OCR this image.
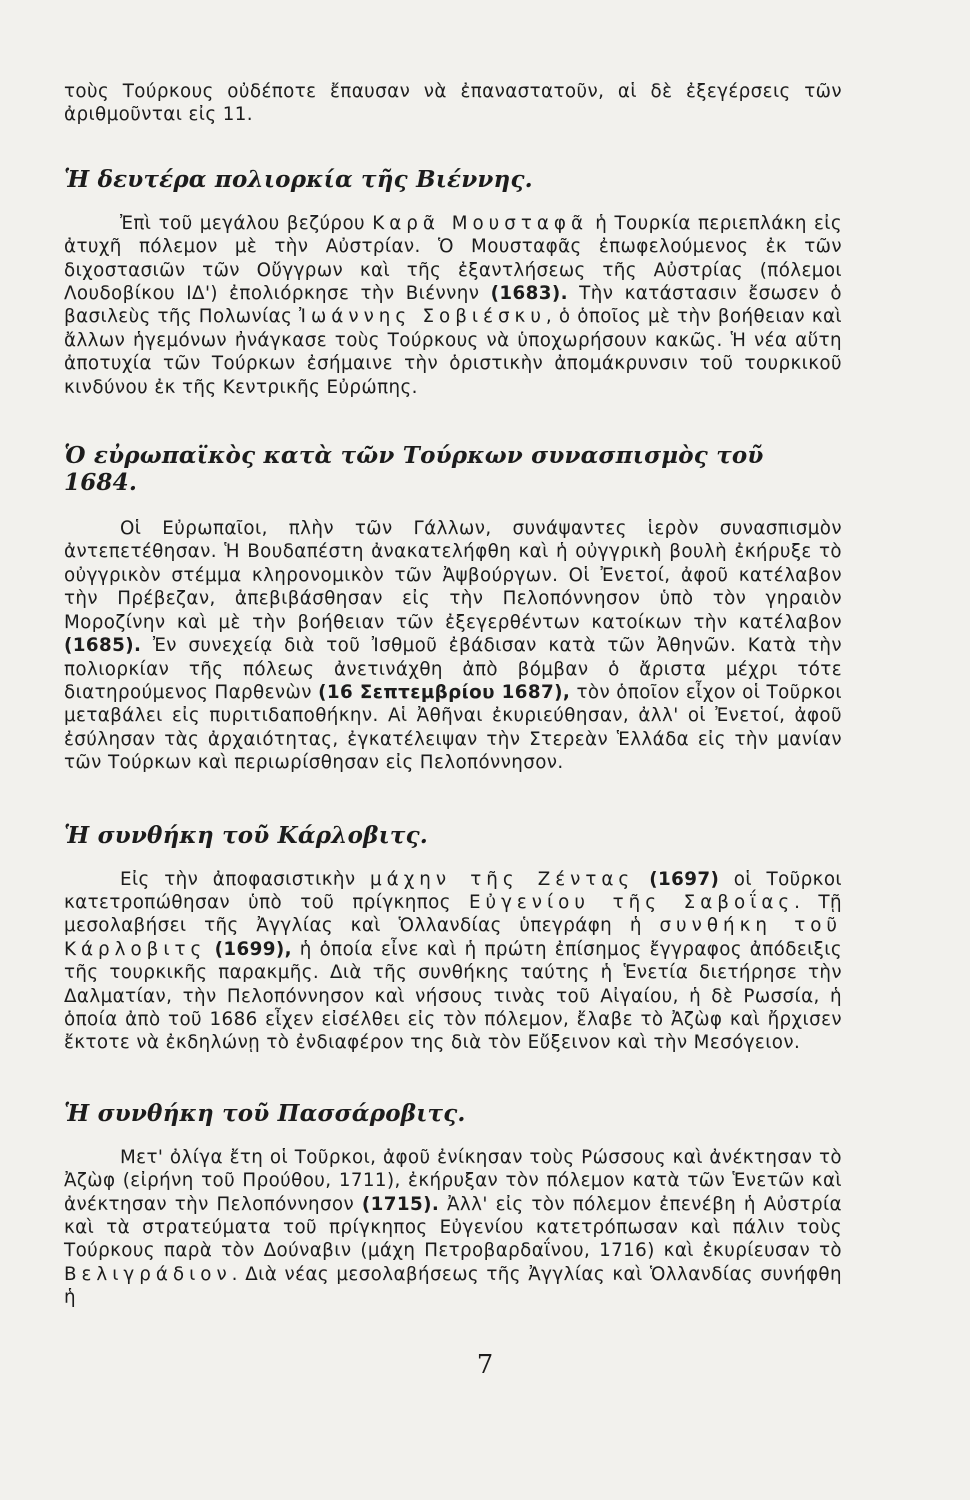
τοὺς Τούρκους οὐδέποτε ἔπαυσαν νὰ ἐπαναστατοῦν, αἱ δὲ ἐξεγέρσεις τῶν ἀριθμοῦνται εἰς 11.

Ἡ δευτέρα πολιορκία τῆς Βιέννης.

Ἐπὶ τοῦ μεγάλου βεζύρου Καρᾶ Μουσταφᾶ ἡ Τουρκία περιεπλάκη εἰς ἀτυχῆ πόλεμον μὲ τὴν Αὐστρίαν. Ὁ Μουσταφᾶς ἐπωφελούμενος ἐκ τῶν διχοστασιῶν τῶν Οὔγγρων καὶ τῆς ἐξαντλήσεως τῆς Αὐστρίας (πόλεμοι Λουδοβίκου ΙΔ') ἐπολιόρκησε τὴν Βιέννην (1683). Τὴν κατάστασιν ἔσωσεν ὁ βασιλεὺς τῆς Πολωνίας Ἰωάννης Σοβιέσκυ, ὁ ὁποῖος μὲ τὴν βοήθειαν καὶ ἄλλων ἡγεμόνων ἠνάγκασε τοὺς Τούρκους νὰ ὑποχωρήσουν κακῶς. Ἡ νέα αὕτη ἀποτυχία τῶν Τούρκων ἐσήμαινε τὴν ὁριστικὴν ἀπομάκρυνσιν τοῦ τουρκικοῦ κινδύνου ἐκ τῆς Κεντρικῆς Εὐρώπης.

Ὁ εὐρωπαϊκὸς κατὰ τῶν Τούρκων συνασπισμὸς τοῦ 1684.

Οἱ Εὐρωπαῖοι, πλὴν τῶν Γάλλων, συνάψαντες ἱερὸν συνασπισμὸν ἀντεπετέθησαν. Ἡ Βουδαπέστη ἀνακατελήφθη καὶ ἡ οὐγγρικὴ βουλὴ ἐκήρυξε τὸ οὐγγρικὸν στέμμα κληρονομικὸν τῶν Ἀψβούργων. Οἱ Ἐνετοί, ἀφοῦ κατέλαβον τὴν Πρέβεζαν, ἀπεβιβάσθησαν εἰς τὴν Πελοπόννησον ὑπὸ τὸν γηραιὸν Μοροζίνην καὶ μὲ τὴν βοήθειαν τῶν ἐξεγερθέντων κατοίκων τὴν κατέλαβον (1685). Ἐν συνεχείᾳ διὰ τοῦ Ἰσθμοῦ ἐβάδισαν κατὰ τῶν Ἀθηνῶν. Κατὰ τὴν πολιορκίαν τῆς πόλεως ἀνετινάχθη ἀπὸ βόμβαν ὁ ἄριστα μέχρι τότε διατηρούμενος Παρθενὼν (16 Σεπτεμβρίου 1687), τὸν ὁποῖον εἶχον οἱ Τοῦρκοι μεταβάλει εἰς πυριτιδαποθήκην. Αἱ Ἀθῆναι ἐκυριεύθησαν, ἀλλ' οἱ Ἐνετοί, ἀφοῦ ἐσύλησαν τὰς ἀρχαιότητας, ἐγκατέλειψαν τὴν Στερεὰν Ἑλλάδα εἰς τὴν μανίαν τῶν Τούρκων καὶ περιωρίσθησαν εἰς Πελοπόννησον.

Ἡ συνθήκη τοῦ Κάρλοβιτς.

Εἰς τὴν ἀποφασιστικὴν μάχην τῆς Ζέντας (1697) οἱ Τοῦρκοι κατετροπώθησαν ὑπὸ τοῦ πρίγκηπος Εὐγενίου τῆς Σαβοΐας. Τῇ μεσολαβήσει τῆς Ἀγγλίας καὶ Ὁλλανδίας ὑπεγράφη ἡ συνθήκη τοῦ Κάρλοβιτς (1699), ἡ ὁποία εἶνε καὶ ἡ πρώτη ἐπίσημος ἔγγραφος ἀπόδειξις τῆς τουρκικῆς παρακμῆς. Διὰ τῆς συνθήκης ταύτης ἡ Ἑνετία διετήρησε τὴν Δαλματίαν, τὴν Πελοπόννησον καὶ νήσους τινὰς τοῦ Αἰγαίου, ἡ δὲ Ρωσσία, ἡ ὁποία ἀπὸ τοῦ 1686 εἶχεν εἰσέλθει εἰς τὸν πόλεμον, ἔλαβε τὸ Ἀζὼφ καὶ ἤρχισεν ἔκτοτε νὰ ἐκδηλώνῃ τὸ ἐνδιαφέρον της διὰ τὸν Εὔξεινον καὶ τὴν Μεσόγειον.

Ἡ συνθήκη τοῦ Πασσάροβιτς.

Μετ' ὀλίγα ἔτη οἱ Τοῦρκοι, ἀφοῦ ἐνίκησαν τοὺς Ρώσσους καὶ ἀνέκτησαν τὸ Ἀζὼφ (εἰρήνη τοῦ Προύθου, 1711), ἐκήρυξαν τὸν πόλεμον κατὰ τῶν Ἑνετῶν καὶ ἀνέκτησαν τὴν Πελοπόννησον (1715). Ἀλλ' εἰς τὸν πόλεμον ἐπενέβη ἡ Αὐστρία καὶ τὰ στρατεύματα τοῦ πρίγκηπος Εὐγενίου κατετρόπωσαν καὶ πάλιν τοὺς Τούρκους παρὰ τὸν Δούναβιν (μάχη Πετροβαρδαΐνου, 1716) καὶ ἐκυρίευσαν τὸ Βελιγράδιον. Διὰ νέας μεσολαβήσεως τῆς Ἀγγλίας καὶ Ὁλλανδίας συνήφθη ἡ

7
